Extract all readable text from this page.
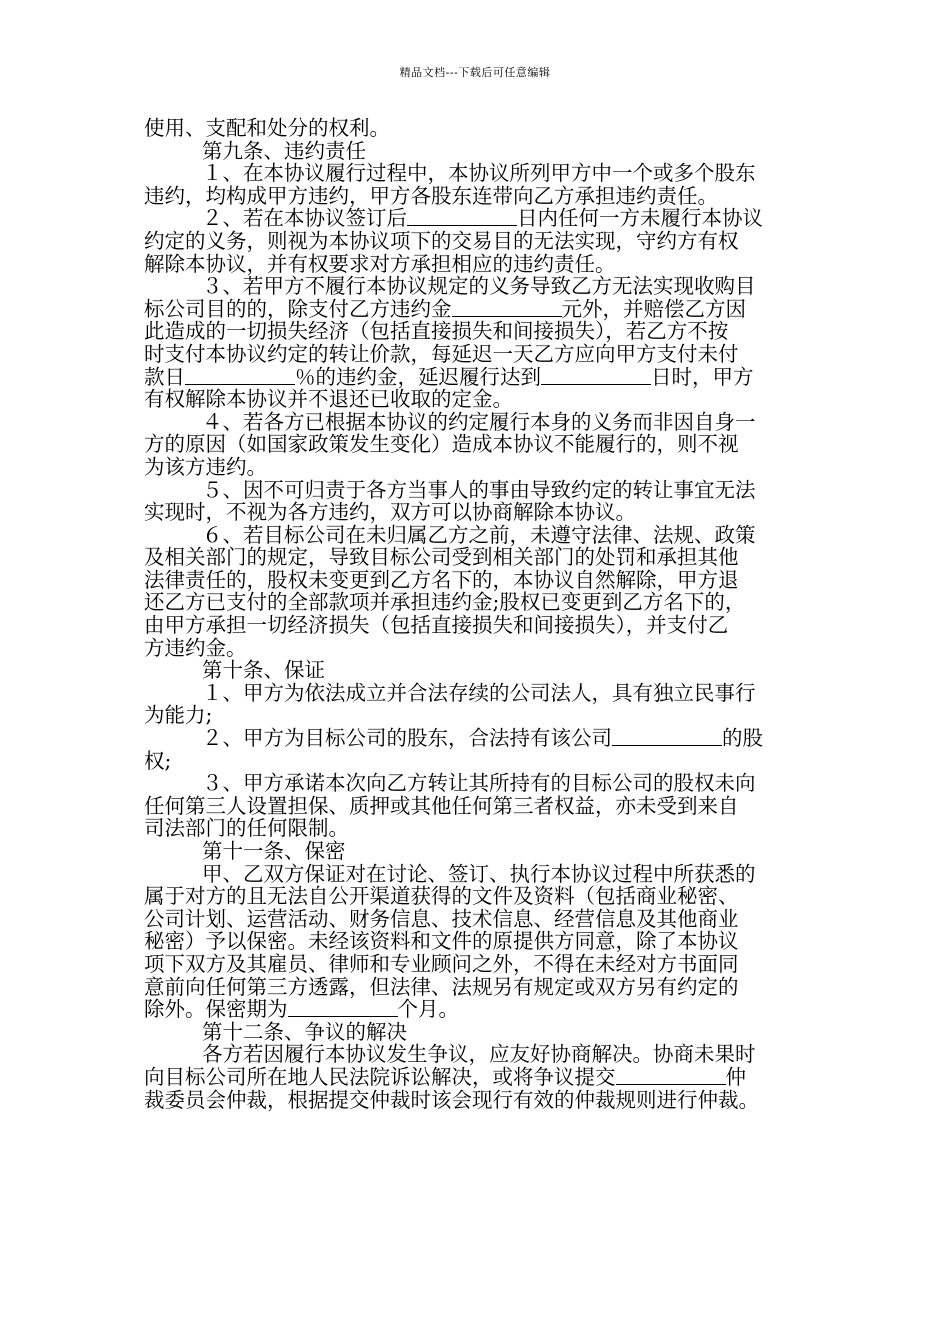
精品文档---下载后可任意编辑

使用、支配和处分的权利。

第九条、违约责任

１、在本协议履行过程中，本协议所列甲方中一个或多个股东

违约，均构成甲方违约，甲方各股东连带向乙方承担违约责任。

２、若在本协议签订后	日内任何一方未履行本协议

约定的义务，则视为本协议项下的交易目的无法实现，守约方有权

解除本协议，并有权要求对方承担相应的违约责任。

３、若甲方不履行本协议规定的义务导致乙方无法实现收购目

标公司目的的，除支付乙方违约金	元外，并赔偿乙方因

此造成的一切损失经济（包括直接损失和间接损失），若乙方不按

时支付本协议约定的转让价款，每延迟一天乙方应向甲方支付未付

款日	％的违约金，延迟履行达到	日时，甲方

有权解除本协议并不退还已收取的定金。

４、若各方已根据本协议的约定履行本身的义务而非因自身一

方的原因（如国家政策发生变化）造成本协议不能履行的，则不视

为该方违约。

５、因不可归责于各方当事人的事由导致约定的转让事宜无法

实现时，不视为各方违约，双方可以协商解除本协议。

６、若目标公司在未归属乙方之前，未遵守法律、法规、政策

及相关部门的规定，导致目标公司受到相关部门的处罚和承担其他

法律责任的，股权未变更到乙方名下的，本协议自然解除，甲方退

还乙方已支付的全部款项并承担违约金;股权已变更到乙方名下的，

由甲方承担一切经济损失（包括直接损失和间接损失），并支付乙

方违约金。

第十条、保证

１、甲方为依法成立并合法存续的公司法人，具有独立民事行

为能力;

２、甲方为目标公司的股东，合法持有该公司	的股

权;

３、甲方承诺本次向乙方转让其所持有的目标公司的股权未向

任何第三人设置担保、质押或其他任何第三者权益，亦未受到来自

司法部门的任何限制。

第十一条、保密

甲、乙双方保证对在讨论、签订、执行本协议过程中所获悉的

属于对方的且无法自公开渠道获得的文件及资料（包括商业秘密、

公司计划、运营活动、财务信息、技术信息、经营信息及其他商业

秘密）予以保密。未经该资料和文件的原提供方同意，除了本协议

项下双方及其雇员、律师和专业顾问之外，不得在未经对方书面同

意前向任何第三方透露，但法律、法规另有规定或双方另有约定的

除外。保密期为	个月。

第十二条、争议的解决

各方若因履行本协议发生争议，应友好协商解决。协商未果时

向目标公司所在地人民法院诉讼解决，或将争议提交	仲

裁委员会仲裁，根据提交仲裁时该会现行有效的仲裁规则进行仲裁。
